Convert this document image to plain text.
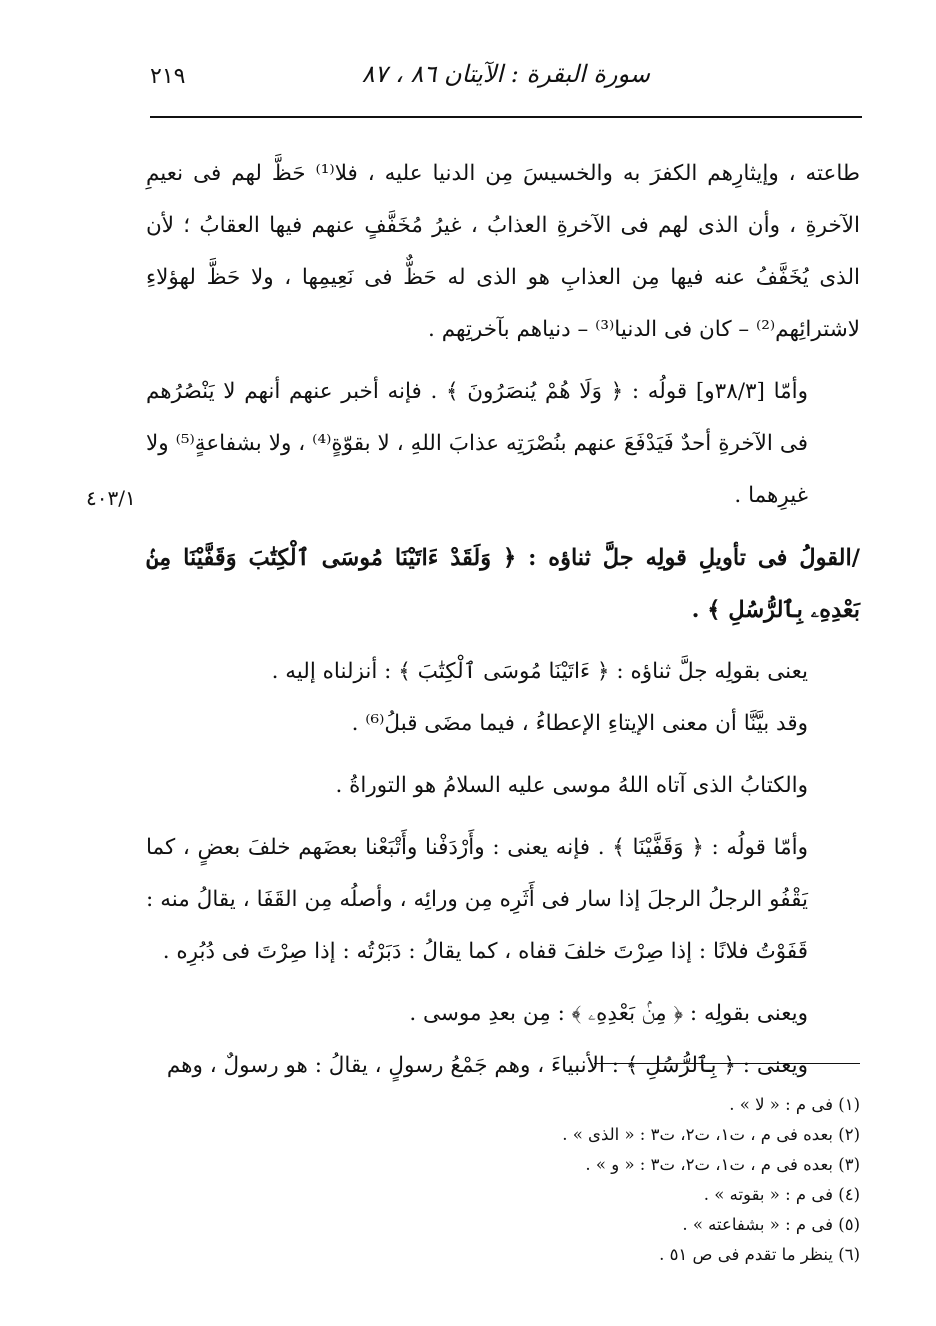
٢١٩	سورة البقرة : الآيتان ٨٦ ، ٨٧
٤٠٣/١

طاعته ، وإيثارِهم الكفرَ به والخسيسَ مِن الدنيا عليه ، فلا⁽¹⁾ حَظَّ لهم فى نعيمِ الآخرةِ ، وأن الذى لهم فى الآخرةِ العذابُ ، غيرُ مُخَفَّفٍ عنهم فيها العقابُ ؛ لأن الذى يُخَفَّفُ عنه فيها مِن العذابِ هو الذى له حَظٌّ فى نَعِيمِها ، ولا حَظَّ لهؤلاءِ لاشترائِهم⁽²⁾ – كان فى الدنيا⁽³⁾ – دنياهم بآخرتِهم .

وأمّا [٣٨/٣و] قولُه : ﴿ وَلَا هُمْ يُنصَرُونَ ﴾ . فإنه أخبر عنهم أنهم لا يَنْصُرُهم فى الآخرةِ أحدٌ فَيَدْفَعَ عنهم بنُصْرَتِه عذابَ اللهِ ، لا بقوّةٍ⁽⁴⁾ ، ولا بشفاعةٍ⁽⁵⁾ ولا غيرِهما .

/القولُ فى تأويلِ قولِه جلَّ ثناؤه : ﴿ وَلَقَدْ ءَاتَيْنَا مُوسَى ٱلْكِتَٰبَ وَقَفَّيْنَا مِنۢ بَعْدِهِۦ بِٱلرُّسُلِ ﴾ .

يعنى بقولِه جلَّ ثناؤه : ﴿ ءَاتَيْنَا مُوسَى ٱلْكِتَٰبَ ﴾ : أنزلناه إليه .

وقد بيَّنَّا أن معنى الإيتاءِ الإعطاءُ ، فيما مضَى قبلُ⁽⁶⁾ .

والكتابُ الذى آتاه اللهُ موسى عليه السلامُ هو التوراةُ .

وأمّا قولُه : ﴿ وَقَفَّيْنَا ﴾ . فإنه يعنى : وأَرْدَفْنا وأَتْبَعْنا بعضَهم خلفَ بعضٍ ، كما يَقْفُو الرجلُ الرجلَ إذا سار فى أَثَرِه مِن ورائِه ، وأصلُه مِن القَفَا ، يقالُ منه : قَفَوْتُ فلانًا : إذا صِرْتَ خلفَ قفاه ، كما يقالُ : دَبَرْتُه : إذا صِرْتَ فى دُبُرِه .

ويعنى بقولِه : ﴿ مِنۢ بَعْدِهِۦ ﴾ : مِن بعدِ موسى .

ويعنى : ﴿ بِٱلرُّسُلِ ﴾ : الأنبياءَ ، وهم جَمْعُ رسولٍ ، يقالُ : هو رسولٌ ، وهم

(١) فى م : « لا » .
(٢) بعده فى م ، ت١، ت٢، ت٣ : « الذى » .
(٣) بعده فى م ، ت١، ت٢، ت٣ : « و » .
(٤) فى م : « بقوته » .
(٥) فى م : « بشفاعته » .
(٦) ينظر ما تقدم فى ص ٥١ .
